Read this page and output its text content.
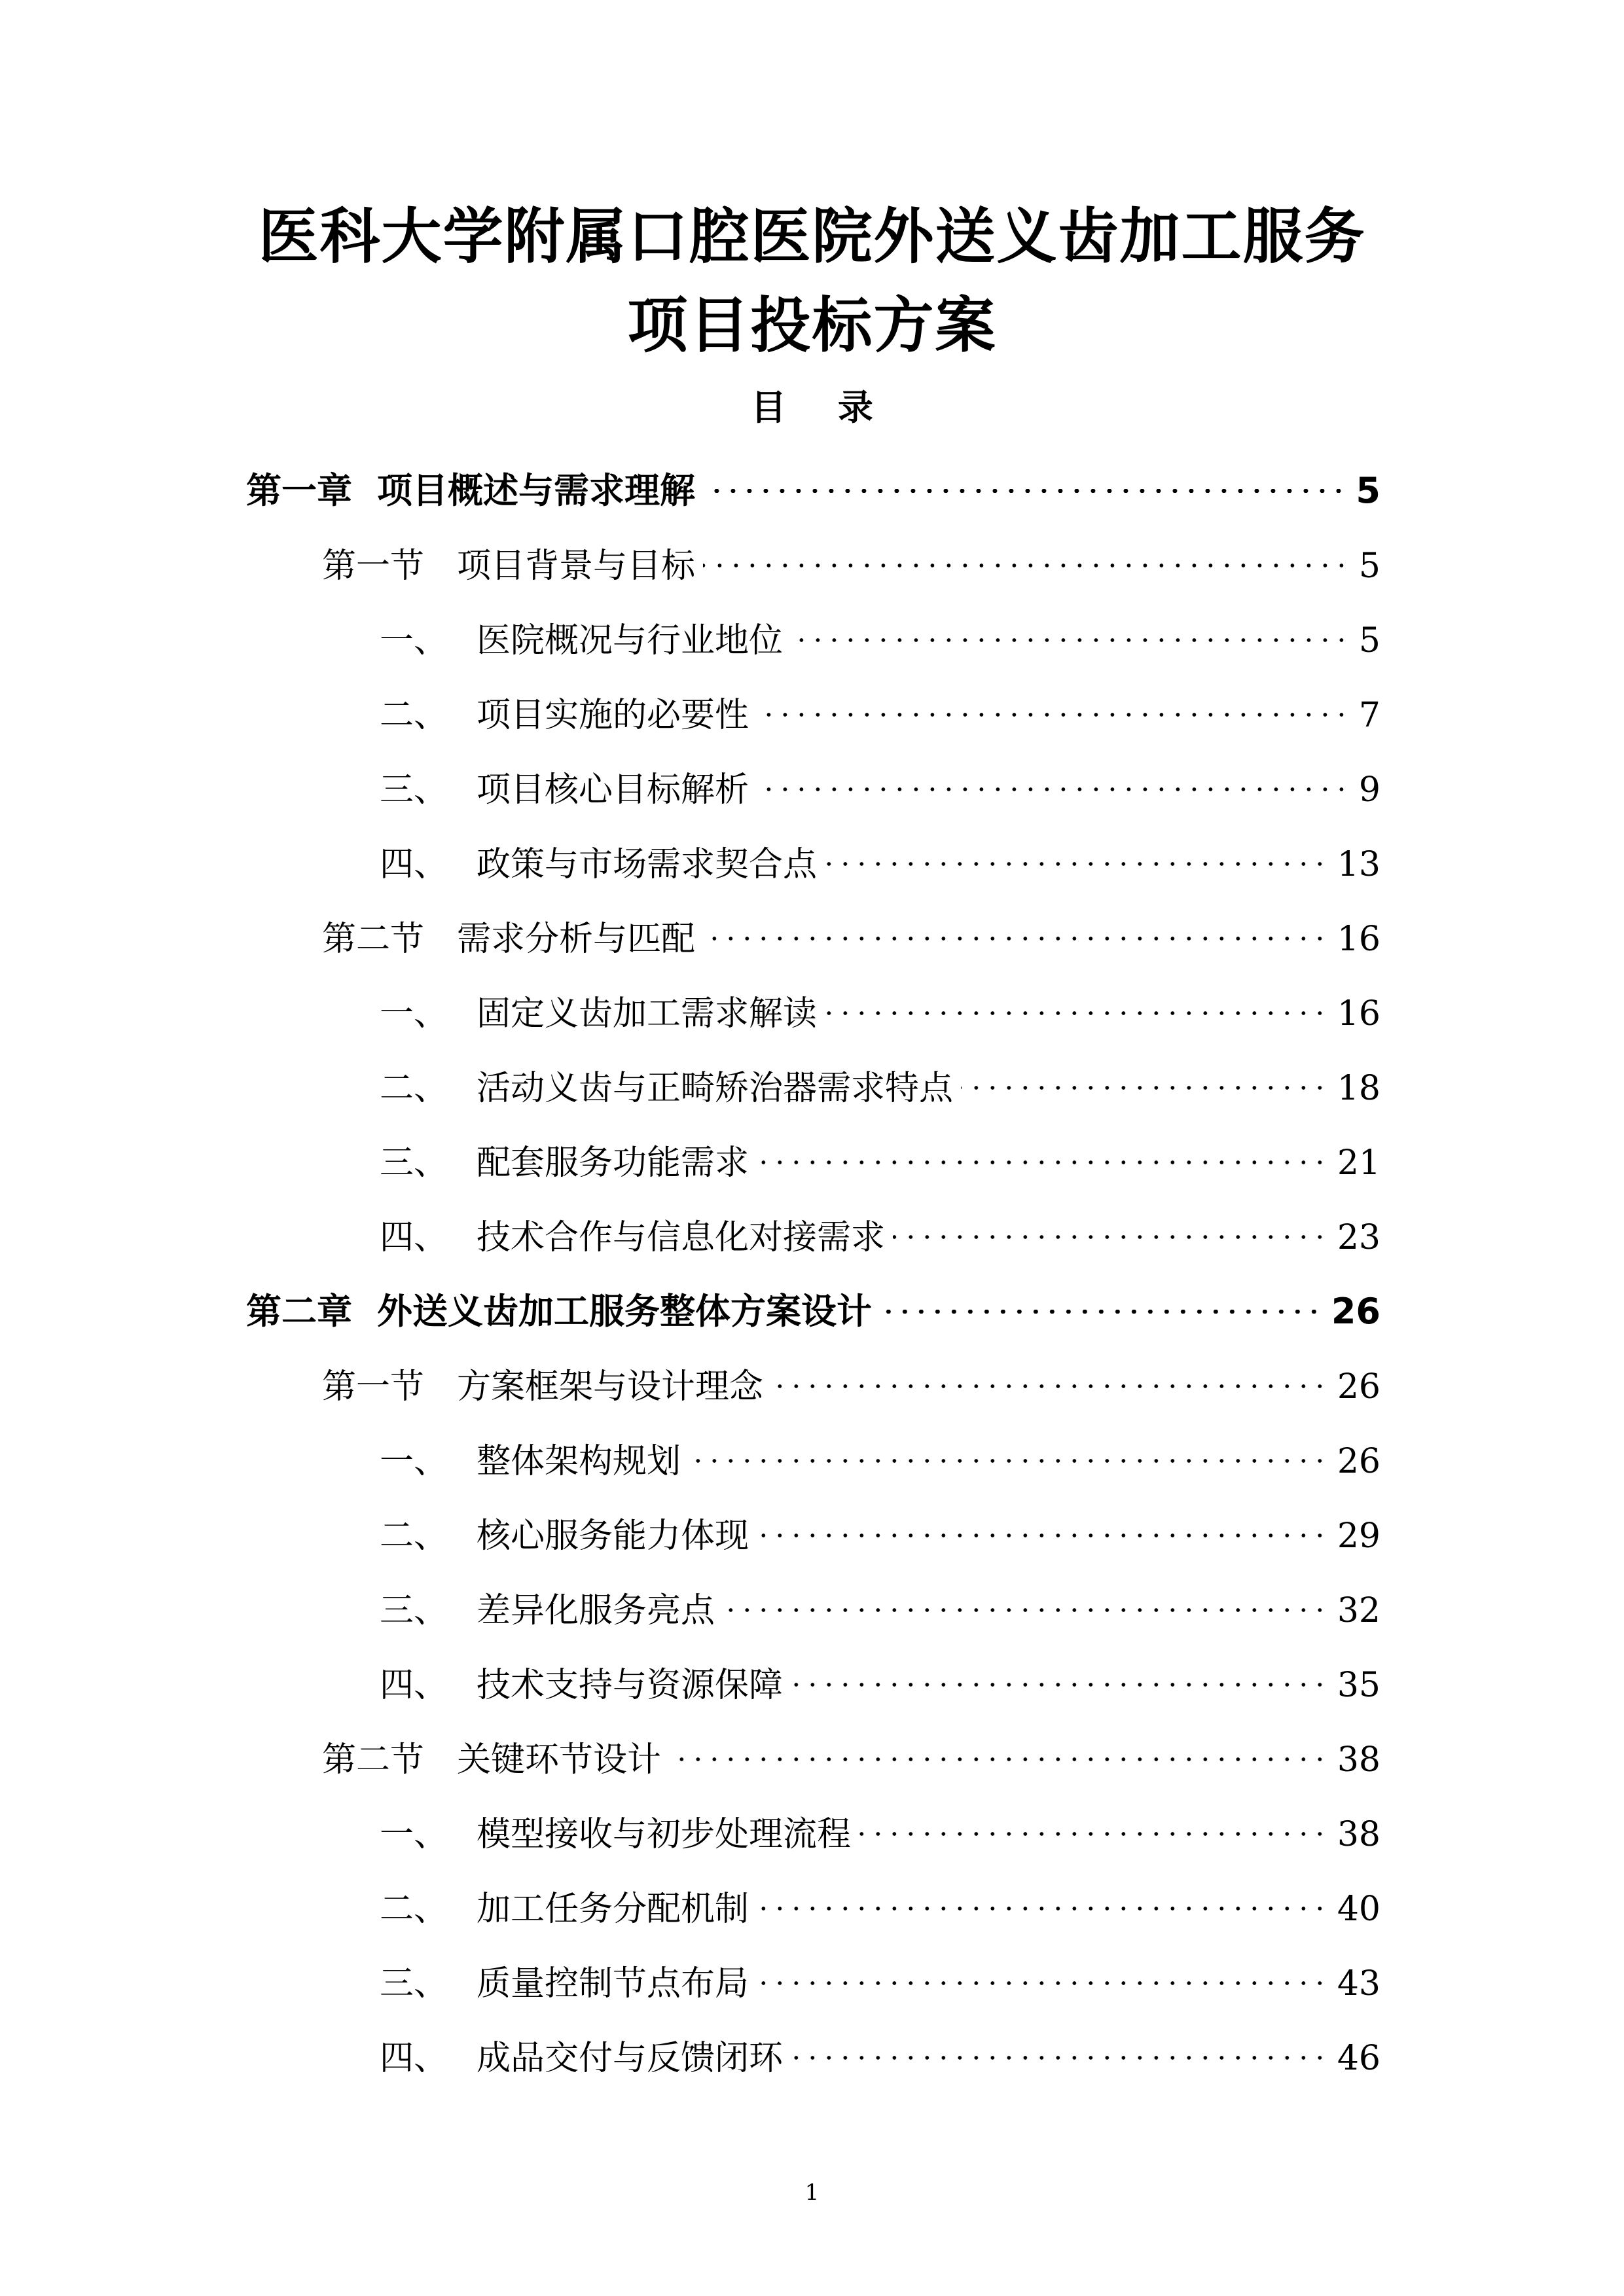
医科大学附属口腔医院外送义齿加工服务
项目投标方案
目 录
第一章 项目概述与需求理解	5
第一节 项目背景与目标	5
一、 医院概况与行业地位	5
二、 项目实施的必要性	7
三、 项目核心目标解析	9
四、 政策与市场需求契合点	13
第二节 需求分析与匹配	16
一、 固定义齿加工需求解读	16
二、 活动义齿与正畸矫治器需求特点	18
三、 配套服务功能需求	21
四、 技术合作与信息化对接需求	23
第二章 外送义齿加工服务整体方案设计	26
第一节 方案框架与设计理念	26
一、 整体架构规划	26
二、 核心服务能力体现	29
三、 差异化服务亮点	32
四、 技术支持与资源保障	35
第二节 关键环节设计	38
一、 模型接收与初步处理流程	38
二、 加工任务分配机制	40
三、 质量控制节点布局	43
四、 成品交付与反馈闭环	46
1
